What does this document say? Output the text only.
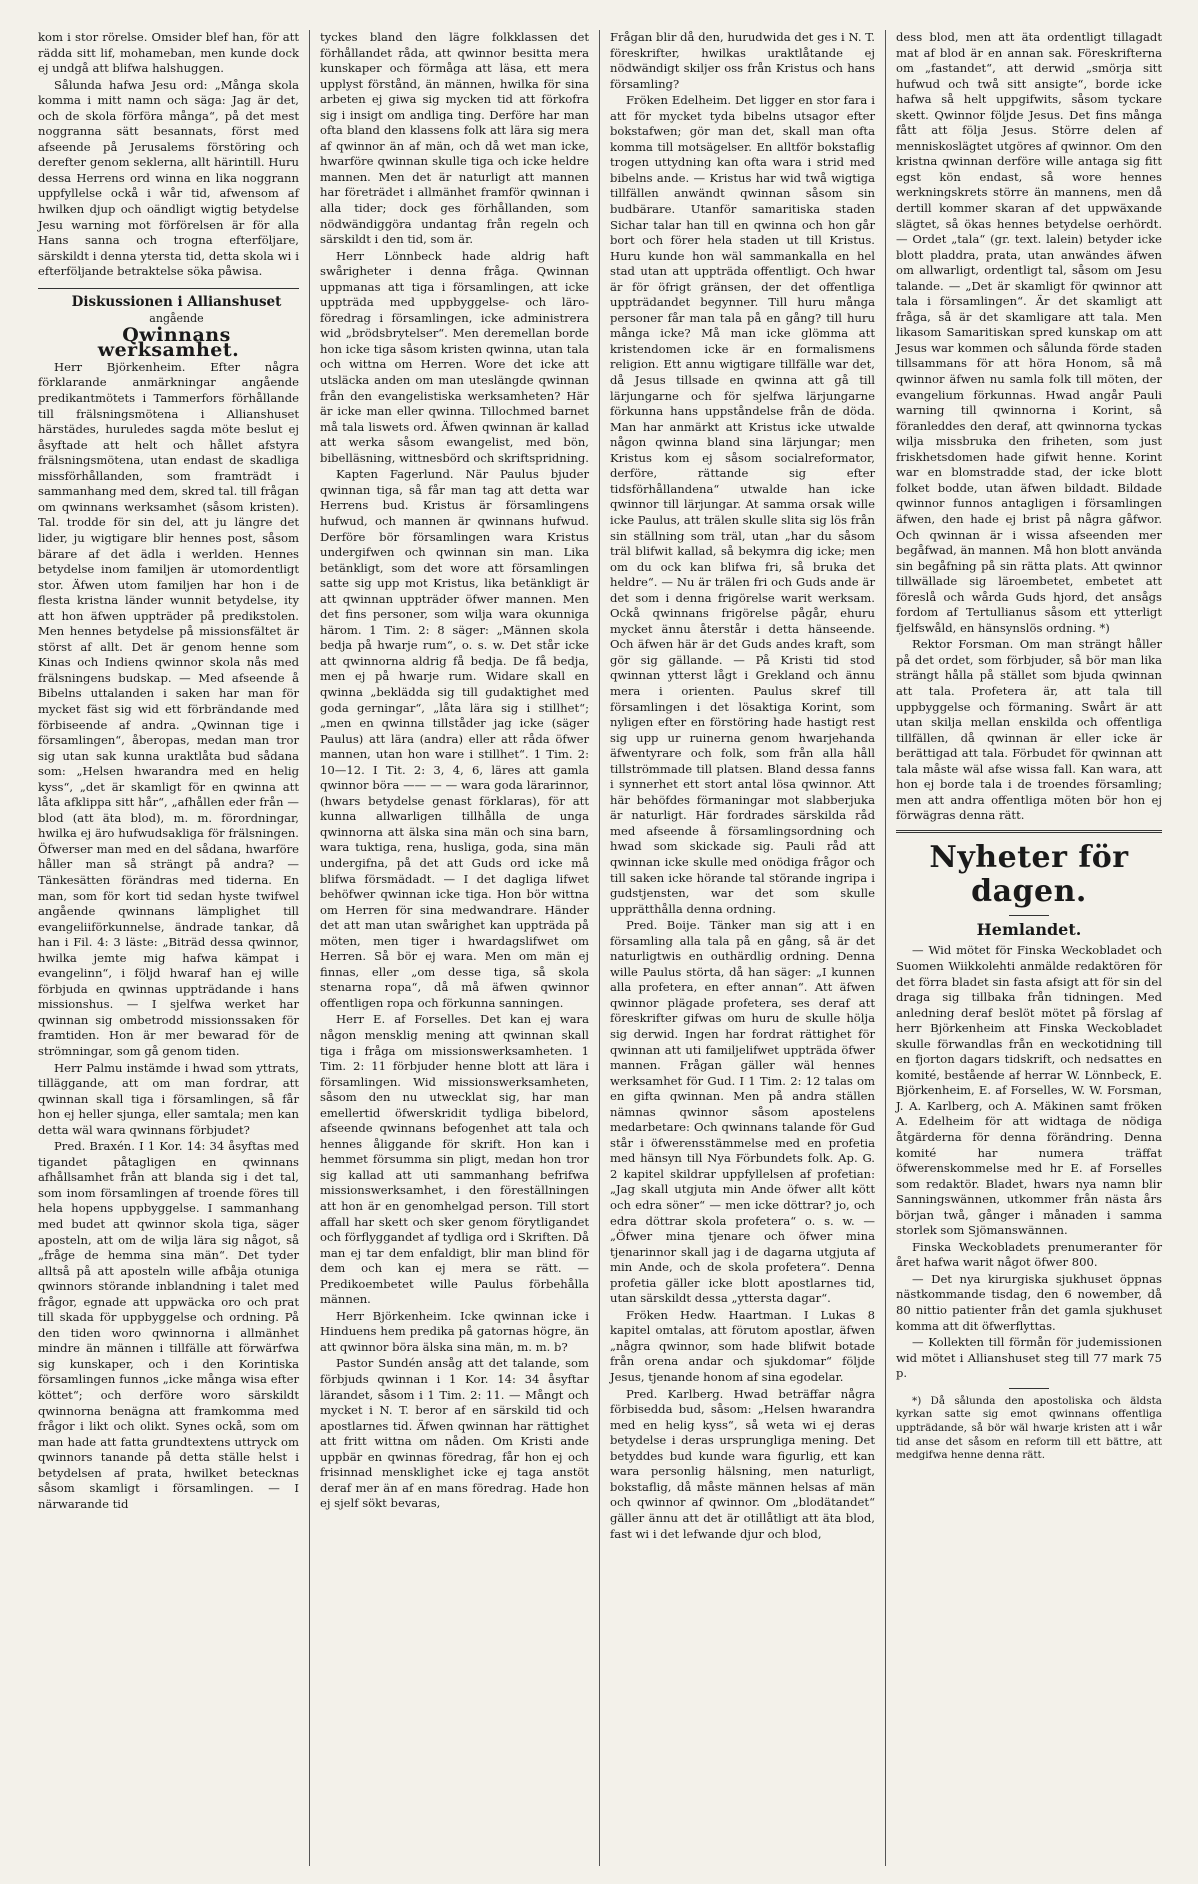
kom i stor rörelse. Omsider blef han, för att rädda sitt lif, mohameban, men kunde dock ej undgå att blifwa halshuggen.

Sålunda hafwa Jesu ord: „Många skola komma i mitt namn och säga: Jag är det, och de skola förföra många“, på det mest noggranna sätt besannats, först med afseende på Jerusalems förstöring och derefter genom seklerna, allt härintill. Huru dessa Herrens ord winna en lika noggrann uppfyllelse ockå i wår tid, afwensom af hwilken djup och oändligt wigtig betydelse Jesu warning mot förförelsen är för alla Hans sanna och trogna efterföljare, särskildt i denna ytersta tid, detta skola wi i efterföljande betraktelse söka påwisa.

Diskussionen i Allianshuset

angående

Qwinnans werksamhet.

Herr Björkenheim. Efter några förklarande anmärkningar angående predikantmötets i Tammerfors förhållande till frälsningsmötena i Allianshuset härstädes, huruledes sagda möte beslut ej åsyftade att helt och hållet afstyra frälsningsmötena, utan endast de skadliga missförhållanden, som framträdt i sammanhang med dem, skred tal. till frågan om qwinnans werksamhet (såsom kristen). Tal. trodde för sin del, att ju längre det lider, ju wigtigare blir hennes post, såsom bärare af det ädla i werlden. Hennes betydelse inom familjen är utomordentligt stor. Äfwen utom familjen har hon i de flesta kristna länder wunnit betydelse, ity att hon äfwen uppträder på predikstolen. Men hennes betydelse på missionsfältet är störst af allt. Det är genom henne som Kinas och Indiens qwinnor skola nås med frälsningens budskap. — Med afseende å Bibelns uttalanden i saken har man för mycket fäst sig wid ett förbrändande med förbiseende af andra. „Qwinnan tige i församlingen“, åberopas, medan man tror sig utan sak kunna uraktlåta bud sådana som: „Helsen hwarandra med en helig kyss“, „det är skamligt för en qwinna att låta afklippa sitt hår“, „afhållen eder från — blod (att äta blod), m. m. förordningar, hwilka ej äro hufwudsakliga för frälsningen. Öfwerser man med en del sådana, hwarföre håller man så strängt på andra? — Tänkesätten förändras med tiderna. En man, som för kort tid sedan hyste twifwel angående qwinnans lämplighet till evangeliiförkunnelse, ändrade tankar, då han i Fil. 4: 3 läste: „Biträd dessa qwinnor, hwilka jemte mig hafwa kämpat i evangelinn“, i följd hwaraf han ej wille förbjuda en qwinnas uppträdande i hans missionshus. — I sjelfwa werket har qwinnan sig ombetrodd missionssaken för framtiden. Hon är mer bewarad för de strömningar, som gå genom tiden.

Herr Palmu instämde i hwad som yttrats, tilläggande, att om man fordrar, att qwinnan skall tiga i församlingen, så får hon ej heller sjunga, eller samtala; men kan detta wäl wara qwinnans förbjudet?

Pred. Braxén. I 1 Kor. 14: 34 åsyftas med tigandet påtagligen en qwinnans afhållsamhet från att blanda sig i det tal, som inom församlingen af troende föres till hela hopens uppbyggelse. I sammanhang med budet att qwinnor skola tiga, säger aposteln, att om de wilja lära sig något, så „fråge de hemma sina män“. Det tyder alltså på att aposteln wille afbåja otuniga qwinnors störande inblandning i talet med frågor, egnade att uppwäcka oro och prat till skada för uppbyggelse och ordning. På den tiden woro qwinnorna i allmänhet mindre än männen i tillfälle att förwärfwa sig kunskaper, och i den Korintiska församlingen funnos „icke många wisa efter köttet“; och derföre woro särskildt qwinnorna benägna att framkomma med frågor i likt och olikt. Synes ockå, som om man hade att fatta grundtextens uttryck om qwinnors tanande på detta ställe helst i betydelsen af prata, hwilket betecknas såsom skamligt i församlingen. — I närwarande tid

tyckes bland den lägre folkklassen det förhållandet råda, att qwinnor besitta mera kunskaper och förmåga att läsa, ett mera upplyst förstånd, än männen, hwilka för sina arbeten ej giwa sig mycken tid att förkofra sig i insigt om andliga ting. Derföre har man ofta bland den klassens folk att lära sig mera af qwinnor än af män, och då wet man icke, hwarföre qwinnan skulle tiga och icke heldre mannen. Men det är naturligt att mannen har företrädet i allmänhet framför qwinnan i alla tider; dock ges förhållanden, som nödwändiggöra undantag från regeln och särskildt i den tid, som är.

Herr Lönnbeck hade aldrig haft swårigheter i denna fråga. Qwinnan uppmanas att tiga i församlingen, att icke uppträda med uppbyggelse- och läro-föredrag i församlingen, icke administrera wid „brödsbrytelser“. Men deremellan borde hon icke tiga såsom kristen qwinna, utan tala och wittna om Herren. Wore det icke att utsläcka anden om man uteslängde qwinnan från den evangelistiska werksamheten? Här är icke man eller qwinna. Tillochmed barnet må tala liswets ord. Äfwen qwinnan är kallad att werka såsom ewangelist, med bön, bibelläsning, wittnesbörd och skriftspridning.

Kapten Fagerlund. När Paulus bjuder qwinnan tiga, så får man tag att detta war Herrens bud. Kristus är församlingens hufwud, och mannen är qwinnans hufwud. Derföre bör församlingen wara Kristus undergifwen och qwinnan sin man. Lika betänkligt, som det wore att församlingen satte sig upp mot Kristus, lika betänkligt är att qwinnan uppträder öfwer mannen. Men det fins personer, som wilja wara okunniga härom. 1 Tim. 2: 8 säger: „Männen skola bedja på hwarje rum“, o. s. w. Det står icke att qwinnorna aldrig få bedja. De få bedja, men ej på hwarje rum. Widare skall en qwinna „beklädda sig till gudaktighet med goda gerningar“, „låta lära sig i stillhet“; „men en qwinna tillståder jag icke (säger Paulus) att lära (andra) eller att råda öfwer mannen, utan hon ware i stillhet“. 1 Tim. 2: 10—12. I Tit. 2: 3, 4, 6, läres att gamla qwinnor böra —— — — wara goda lärarinnor, (hwars betydelse genast förklaras), för att kunna allwarligen tillhålla de unga qwinnorna att älska sina män och sina barn, wara tuktiga, rena, husliga, goda, sina män undergifna, på det att Guds ord icke må blifwa försmädadt. — I det dagliga lifwet behöfwer qwinnan icke tiga. Hon bör wittna om Herren för sina medwandrare. Händer det att man utan swårighet kan uppträda på möten, men tiger i hwardagslifwet om Herren. Så bör ej wara. Men om män ej finnas, eller „om desse tiga, så skola stenarna ropa“, då må äfwen qwinnor offentligen ropa och förkunna sanningen.

Herr E. af Forselles. Det kan ej wara någon mensklig mening att qwinnan skall tiga i fråga om missionswerksamheten. 1 Tim. 2: 11 förbjuder henne blott att lära i församlingen. Wid missionswerksamheten, såsom den nu utwecklat sig, har man emellertid öfwerskridit tydliga bibelord, afseende qwinnans befogenhet att tala och hennes åliggande för skrift. Hon kan i hemmet försumma sin pligt, medan hon tror sig kallad att uti sammanhang befrifwa missionswerksamhet, i den föreställningen att hon är en genomhelgad person. Till stort affall har skett och sker genom förytligandet och förflyggandet af tydliga ord i Skriften. Då man ej tar dem enfaldigt, blir man blind för dem och kan ej mera se rätt. — Predikoembetet wille Paulus förbehålla männen.

Herr Björkenheim. Icke qwinnan icke i Hinduens hem predika på gatornas högre, än att qwinnor böra älska sina män, m. m. b?

Pastor Sundén ansåg att det talande, som förbjuds qwinnan i 1 Kor. 14: 34 åsyftar lärandet, såsom i 1 Tim. 2: 11. — Mångt och mycket i N. T. beror af en särskild tid och apostlarnes tid. Äfwen qwinnan har rättighet att fritt wittna om nåden. Om Kristi ande uppbär en qwinnas föredrag, får hon ej och frisinnad mensklighet icke ej taga anstöt deraf mer än af en mans föredrag. Hade hon ej sjelf sökt bevaras,

Frågan blir då den, hurudwida det ges i N. T. föreskrifter, hwilkas uraktlåtande ej nödwändigt skiljer oss från Kristus och hans församling?

Fröken Edelheim. Det ligger en stor fara i att för mycket tyda bibelns utsagor efter bokstafwen; gör man det, skall man ofta komma till motsägelser. En alltför bokstaflig trogen uttydning kan ofta wara i strid med bibelns ande. — Kristus har wid twå wigtiga tillfällen anwändt qwinnan såsom sin budbärare. Utanför samaritiska staden Sichar talar han till en qwinna och hon går bort och förer hela staden ut till Kristus. Huru kunde hon wäl sammankalla en hel stad utan att uppträda offentligt. Och hwar är för öfrigt gränsen, der det offentliga uppträdandet begynner. Till huru många personer får man tala på en gång? till huru många icke? Må man icke glömma att kristendomen icke är en formalismens religion. Ett annu wigtigare tillfälle war det, då Jesus tillsade en qwinna att gå till lärjungarne och för sjelfwa lärjungarne förkunna hans uppståndelse från de döda. Man har anmärkt att Kristus icke utwalde någon qwinna bland sina lärjungar; men Kristus kom ej såsom socialreformator, derföre, rättande sig efter tidsförhållandena“ utwalde han icke qwinnor till lärjungar. At samma orsak wille icke Paulus, att trälen skulle slita sig lös från sin ställning som träl, utan „har du såsom träl blifwit kallad, så bekymra dig icke; men om du ock kan blifwa fri, så bruka det heldre“. — Nu är trälen fri och Guds ande är det som i denna frigörelse warit werksam. Ockå qwinnans frigörelse pågår, ehuru mycket ännu återstår i detta hänseende. Och äfwen här är det Guds andes kraft, som gör sig gällande. — På Kristi tid stod qwinnan ytterst lågt i Grekland och ännu mera i orienten. Paulus skref till församlingen i det lösaktiga Korint, som nyligen efter en förstöring hade hastigt rest sig upp ur ruinerna genom hwarjehanda äfwentyrare och folk, som från alla håll tillströmmade till platsen. Bland dessa fanns i synnerhet ett stort antal lösa qwinnor. Att här behöfdes förmaningar mot slabberjuka är naturligt. Här fordrades särskilda råd med afseende å församlingsordning och hwad som skickade sig. Pauli råd att qwinnan icke skulle med onödiga frågor och till saken icke hörande tal störande ingripa i gudstjensten, war det som skulle upprätthålla denna ordning.

Pred. Boije. Tänker man sig att i en församling alla tala på en gång, så är det naturligtwis en outhärdlig ordning. Denna wille Paulus störta, då han säger: „I kunnen alla profetera, en efter annan“. Att äfwen qwinnor plägade profetera, ses deraf att föreskrifter gifwas om huru de skulle hölja sig derwid. Ingen har fordrat rättighet för qwinnan att uti familjelifwet uppträda öfwer mannen. Frågan gäller wäl hennes werksamhet för Gud. I 1 Tim. 2: 12 talas om en gifta qwinnan. Men på andra ställen nämnas qwinnor såsom apostelens medarbetare: Och qwinnans talande för Gud står i öfwerensstämmelse med en profetia med hänsyn till Nya Förbundets folk. Ap. G. 2 kapitel skildrar uppfyllelsen af profetian: „Jag skall utgjuta min Ande öfwer allt kött och edra söner“ — men icke döttrar? jo, och edra döttrar skola profetera“ o. s. w. — „Öfwer mina tjenare och öfwer mina tjenarinnor skall jag i de dagarna utgjuta af min Ande, och de skola profetera“. Denna profetia gäller icke blott apostlarnes tid, utan särskildt dessa „yttersta dagar“.

Fröken Hedw. Haartman. I Lukas 8 kapitel omtalas, att förutom apostlar, äfwen „några qwinnor, som hade blifwit botade från orena andar och sjukdomar“ följde Jesus, tjenande honom af sina egodelar.

Pred. Karlberg. Hwad beträffar några förbisedda bud, såsom: „Helsen hwarandra med en helig kyss“, så weta wi ej deras betydelse i deras ursprungliga mening. Det betyddes bud kunde wara figurlig, ett kan wara personlig hälsning, men naturligt, bokstaflig, då måste männen helsas af män och qwinnor af qwinnor. Om „blodätandet“ gäller ännu att det är otillåtligt att äta blod, fast wi i det lefwande djur och blod,

dess blod, men att äta ordentligt tillagadt mat af blod är en annan sak. Föreskrifterna om „fastandet“, att derwid „smörja sitt hufwud och twå sitt ansigte“, borde icke hafwa så helt uppgifwits, såsom tyckare skett. Qwinnor följde Jesus. Det fins många fått att följa Jesus. Större delen af menniskoslägtet utgöres af qwinnor. Om den kristna qwinnan derföre wille antaga sig fitt egst kön endast, så wore hennes werkningskrets större än mannens, men då dertill kommer skaran af det uppwäxande slägtet, så ökas hennes betydelse oerhördt. — Ordet „tala“ (gr. text. lalein) betyder icke blott pladdra, prata, utan anwändes äfwen om allwarligt, ordentligt tal, såsom om Jesu talande. — „Det är skamligt för qwinnor att tala i församlingen“. Är det skamligt att fråga, så är det skamligare att tala. Men likasom Samaritiskan spred kunskap om att Jesus war kommen och sålunda förde staden tillsammans för att höra Honom, så må qwinnor äfwen nu samla folk till möten, der evangelium förkunnas. Hwad angår Pauli warning till qwinnorna i Korint, så föranleddes den deraf, att qwinnorna tyckas wilja missbruka den friheten, som just friskhetsdomen hade gifwit henne. Korint war en blomstradde stad, der icke blott folket bodde, utan äfwen bildadt. Bildade qwinnor funnos antagligen i församlingen äfwen, den hade ej brist på några gåfwor. Och qwinnan är i wissa afseenden mer begåfwad, än mannen. Må hon blott använda sin begåfning på sin rätta plats. Att qwinnor tillwällade sig läroembetet, embetet att föreslå och wårda Guds hjord, det ansågs fordom af Tertullianus såsom ett ytterligt fjelfswåld, en hänsynslös ordning. *)

Rektor Forsman. Om man strängt håller på det ordet, som förbjuder, så bör man lika strängt hålla på stället som bjuda qwinnan att tala. Profetera är, att tala till uppbyggelse och förmaning. Swårt är att utan skilja mellan enskilda och offentliga tillfällen, då qwinnan är eller icke är berättigad att tala. Förbudet för qwinnan att tala måste wäl afse wissa fall. Kan wara, att hon ej borde tala i de troendes församling; men att andra offentliga möten bör hon ej förwägras denna rätt.

Nyheter för dagen.
Hemlandet.

— Wid mötet för Finska Weckobladet och Suomen Wiikkolehti anmälde redaktören för det förra bladet sin fasta afsigt att för sin del draga sig tillbaka från tidningen. Med anledning deraf beslöt mötet på förslag af herr Björkenheim att Finska Weckobladet skulle förwandlas från en weckotidning till en fjorton dagars tidskrift, och nedsattes en komité, bestående af herrar W. Lönnbeck, E. Björkenheim, E. af Forselles, W. W. Forsman, J. A. Karlberg, och A. Mäkinen samt fröken A. Edelheim för att widtaga de nödiga åtgärderna för denna förändring. Denna komité har numera träffat öfwerenskommelse med hr E. af Forselles som redaktör. Bladet, hwars nya namn blir Sanningswännen, utkommer från nästa års början twå, gånger i månaden i samma storlek som Sjömanswännen.

Finska Weckobladets prenumeranter för året hafwa warit något öfwer 800.

— Det nya kirurgiska sjukhuset öppnas nästkommande tisdag, den 6 nowember, då 80 nittio patienter från det gamla sjukhuset komma att dit öfwerflyttas.

— Kollekten till förmån för judemissionen wid mötet i Allianshuset steg till 77 mark 75 p.

*) Då sålunda den apostoliska och äldsta kyrkan satte sig emot qwinnans offentliga uppträdande, så bör wäl hwarje kristen att i wår tid anse det såsom en reform till ett bättre, att medgifwa henne denna rätt.
